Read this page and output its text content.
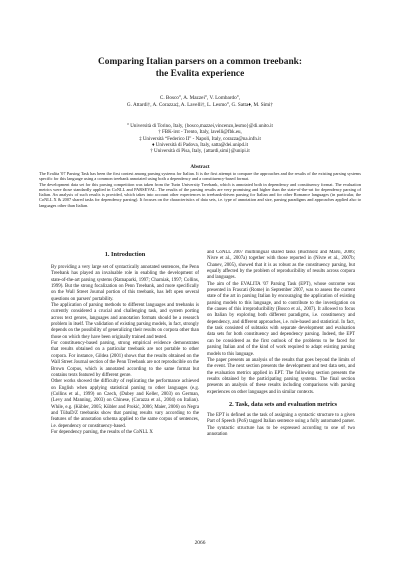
Comparing Italian parsers on a common treebank:
the Evalita experience
C. Bosco°, A. Mazzei°, V. Lombardo°,
G. Attardi†, A. Corazza‡, A. Lavelli†, L. Lesmo°, G. Satta♦, M. Simi†
° Università di Torino, Italy, {bosco,mazzei,vincenzo,lesmo}@di.unito.it
† FBK-irst - Trento, Italy, lavelli@fbk.eu,
‡ Università “Federico II” - Napoli, Italy, corazza@na.infn.it
♦ Università di Padova, Italy, satta@dei.unipd.it
† Università di Pisa, Italy, {attardi,simi}@unipi.it
Abstract

The Evalita '07 Parsing Task has been the first contest among parsing systems for Italian. It is the first attempt to compare the approaches and the results of the existing parsing systems specific for this language using a common treebank annotated using both a dependency and a constituency-based format.

The development data set for this parsing competition was taken from the Turin University Treebank, which is annotated both in dependency and constituency format. The evaluation metrics were those standardly applied in CoNLL and PARSEVAL. The results of the parsing results are very promising and higher than the state-of-the-art for dependency parsing of Italian. An analysis of such results is provided, which takes into account other experiences in treebank-driven parsing for Italian and for other Romance languages (in particular, the CoNLL X & 2007 shared tasks for dependency parsing). It focuses on the characteristics of data sets, i.e. type of annotation and size, parsing paradigms and approaches applied also to languages other than Italian.

1. Introduction

By providing a very large set of syntactically annotated sentences, the Penn Treebank has played an invaluable role in enabling the development of state-of-the-art parsing systems (Ratnaparki, 1997; Charniak, 1997; Collins, 1999). But the strong focalization on Penn Treebank, and more specifically on the Wall Street Journal portion of this treebank, has left open several questions on parsers' portability.

The application of parsing methods to different languages and treebanks is currently considered a crucial and challenging task, and system porting across text genres, languages and annotation formats should be a research problem in itself. The validation of existing parsing models, in fact, strongly depends on the possibility of generalizing their results on corpora other than those on which they have been originally trained and tested.

For constituency-based parsing, strong empirical evidence demonstrates that results obtained on a particular treebank are not portable to other corpora. For instance, Gildea (2001) shows that the results obtained on the Wall Street Journal section of the Penn Treebank are not reproducible on the Brown Corpus, which is annotated according to the same format but contains texts featured by different genre.

Other works showed the difficulty of replicating the performance achieved on English when applying statistical parsing to other languages (e.g. (Collins et al., 1999) on Czech, (Dubey and Keller, 2003) on German, (Levy and Manning, 2003) on Chinese, (Corazza et al., 2004) on Italian). While, e.g. (Kübler, 2005; Kübler and Prokić, 2006; Maier, 2006) on Negra and TübaD/Z treebanks show that parsing results vary according to the features of the annotation schema applied to the same corpus of sentences, i.e. dependency or constituency-based.

For dependency parsing, the results of the CoNLL X

and CoNLL 2007 multilingual shared tasks (Buchholz and Marsi, 2006; Nivre et al., 2007a) together with those reported in (Nivre et al., 2007b; Chanev, 2005), showed that it is as robust as the constituency parsing, but equally affected by the problem of reproducibility of results across corpora and languages.

The aim of the EVALITA '07 Parsing Task (EPT), whose outcome was presented in Frascati (Rome) in September 2007, was to assess the current state of the art in parsing Italian by encouraging the application of existing parsing models to this language, and to contribute to the investigation on the causes of this irreproducibility (Bosco et al., 2007). It allowed to focus on Italian by exploring both different paradigms, i.e. constituency and dependency, and different approaches, i.e. rule-based and statistical. In fact, the task consisted of subtasks with separate development and evaluation data sets for both constituency and dependency parsing. Indeed, the EPT can be considered as the first outlook of the problems to be faced for parsing Italian and of the kind of work required to adapt existing parsing models to this language.

The paper presents an analysis of the results that goes beyond the limits of the event. The next section presents the development and test data sets, and the evaluation metrics applied in EPT. The following section presents the results obtained by the participating parsing systems. The final section presents an analysis of these results including comparisons with parsing experiences on other languages and in similar contexts.

2. Task, data sets and evaluation metrics

The EPT is defined as the task of assigning a syntactic structure to a given Part of Speech (PoS) tagged Italian sentence using a fully automated parser. The syntactic structure has to be expressed according to one of two annotation

2066
